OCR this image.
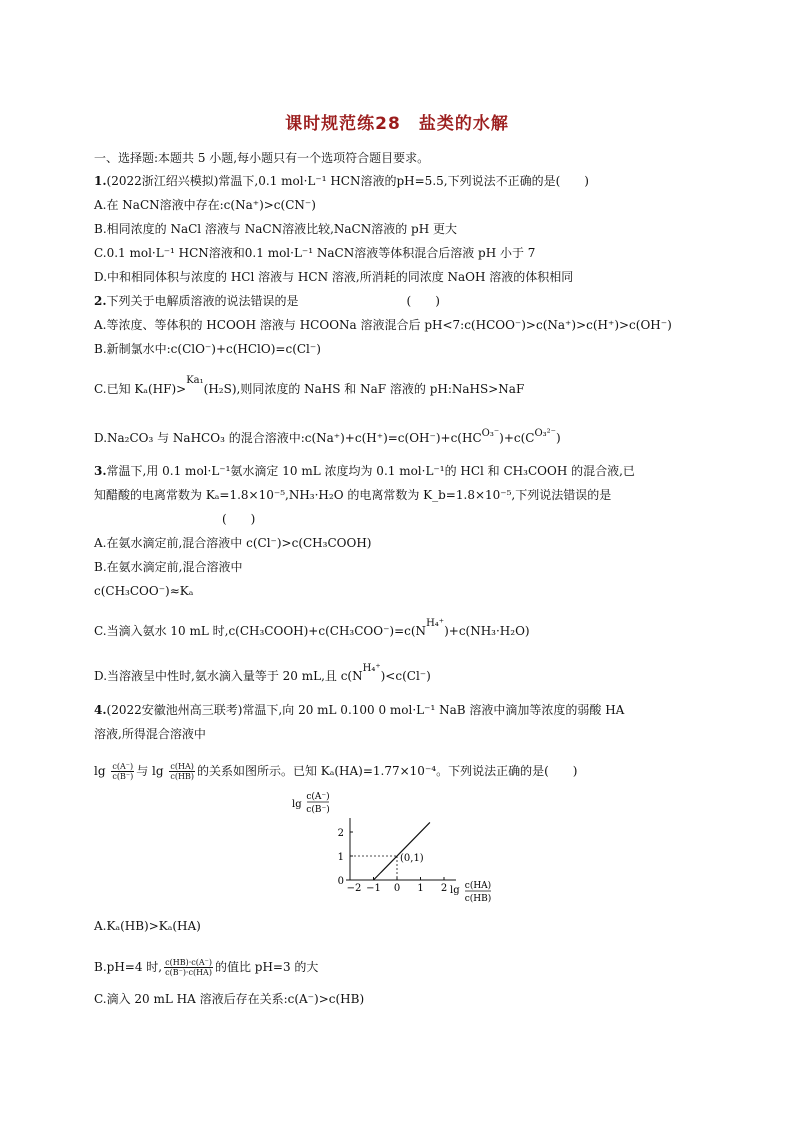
课时规范练28　盐类的水解
一、选择题:本题共 5 小题,每小题只有一个选项符合题目要求。
1.(2022浙江绍兴模拟)常温下,0.1 mol·L⁻¹ HCN溶液的pH=5.5,下列说法不正确的是(　　)
A.在 NaCN溶液中存在:c(Na⁺)>c(CN⁻)
B.相同浓度的 NaCl 溶液与 NaCN溶液比较,NaCN溶液的 pH 更大
C.0.1 mol·L⁻¹ HCN溶液和0.1 mol·L⁻¹ NaCN溶液等体积混合后溶液 pH 小于 7
D.中和相同体积与浓度的 HCl 溶液与 HCN 溶液,所消耗的同浓度 NaOH 溶液的体积相同
2.下列关于电解质溶液的说法错误的是　　　　　　　　　(　　)
A.等浓度、等体积的 HCOOH 溶液与 HCOONa 溶液混合后 pH<7:c(HCOO⁻)>c(Na⁺)>c(H⁺)>c(OH⁻)
B.新制氯水中:c(ClO⁻)+c(HClO)=c(Cl⁻)
C.已知 Kₐ(HF)>$^{Ka_1}$(H₂S),则同浓度的 NaHS 和 NaF 溶液的 pH:NaHS>NaF
D.Na₂CO₃ 与 NaHCO₃ 的混合溶液中$:c(Na^+)+c(H^+)=c(OH^-)+c(HC^{O_3^-})+c(C^{O_3^{2-}})$
3.常温下,用 0.1 mol·L⁻¹氨水滴定 10 mL 浓度均为 0.1 mol·L⁻¹的 HCl 和 CH₃COOH 的混合液,已
知醋酸的电离常数为 Kₐ=1.8×10⁻⁵,NH₃·H₂O 的电离常数为 K_b=1.8×10⁻⁵,下列说法错误的是
(　　)
A.在氨水滴定前,混合溶液中 c(Cl⁻)>c(CH₃COOH)
B.在氨水滴定前,混合溶液中
c(CH₃COO⁻)≈Kₐ
C.当滴入氨水 10 mL 时$,c(CH_3COOH)+c(CH_3COO^-)=c(N^{H_4^+})+c(NH_3\cdot H_2O)$
D.当溶液呈中性时,氨水滴入量等于 20 mL,且 $c(N^{H_4^+})<c(Cl^-)$
4.(2022安徽池州高三联考)常温下,向 20 mL 0.100 0 mol·L⁻¹ NaB 溶液中滴加等浓度的弱酸 HA
溶液,所得混合溶液中
$\lg \frac{c(A^-)}{c(B^-)}$ 与 $\lg \frac{c(HA)}{c(HB)}$ 的关系如图所示。已知 Kₐ(HA)=1.77×10⁻⁴。下列说法正确的是(　　)
−2 −1 0 1 2
0
1
2
lg
c(A⁻)
c(B⁻)
lg c(HA)
c(HB)
(0,1)
A.Kₐ(HB)>Kₐ(HA)
B.pH=4 时, $\frac{c(HB)\cdot c(A^-)}{c(B^-)\cdot c(HA)}$ 的值比 pH=3 的大
C.滴入 20 mL HA 溶液后存在关系:c(A⁻)>c(HB)
